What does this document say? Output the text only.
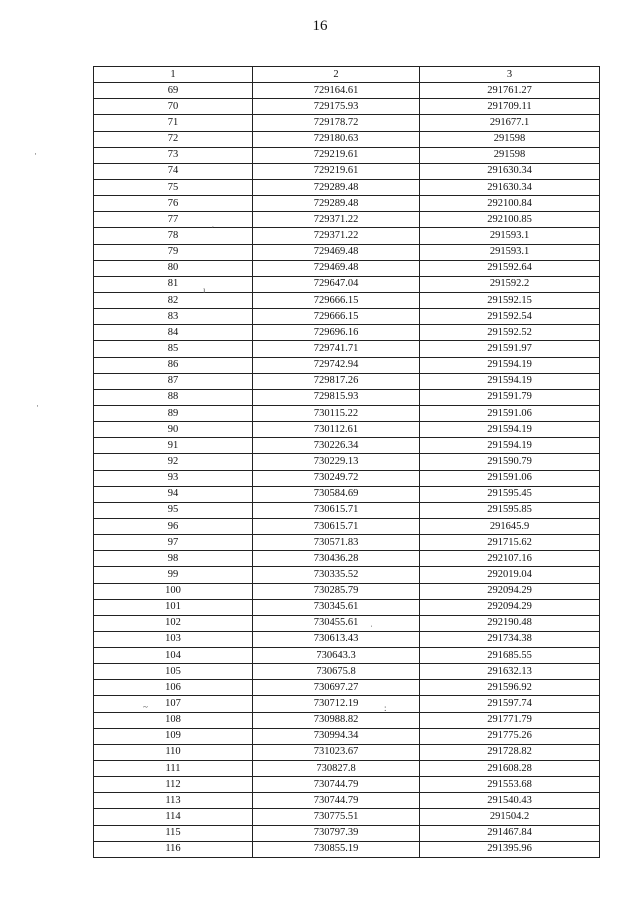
16
1	2	3
69	729164.61	291761.27
70	729175.93	291709.11
71	729178.72	291677.1
72	729180.63	291598
73	729219.61	291598
74	729219.61	291630.34
75	729289.48	291630.34
76	729289.48	292100.84
77	729371.22	292100.85
78	729371.22	291593.1
79	729469.48	291593.1
80	729469.48	291592.64
81	729647.04	291592.2
82	729666.15	291592.15
83	729666.15	291592.54
84	729696.16	291592.52
85	729741.71	291591.97
86	729742.94	291594.19
87	729817.26	291594.19
88	729815.93	291591.79
89	730115.22	291591.06
90	730112.61	291594.19
91	730226.34	291594.19
92	730229.13	291590.79
93	730249.72	291591.06
94	730584.69	291595.45
95	730615.71	291595.85
96	730615.71	291645.9
97	730571.83	291715.62
98	730436.28	292107.16
99	730335.52	292019.04
100	730285.79	292094.29
101	730345.61	292094.29
102	730455.61	292190.48
103	730613.43	291734.38
104	730643.3	291685.55
105	730675.8	291632.13
106	730697.27	291596.92
107	730712.19	291597.74
108	730988.82	291771.79
109	730994.34	291775.26
110	731023.67	291728.82
111	730827.8	291608.28
112	730744.79	291553.68
113	730744.79	291540.43
114	730775.51	291504.2
115	730797.39	291467.84
116	730855.19	291395.96
·
ˊ
ı
·
ˈ
~	:
